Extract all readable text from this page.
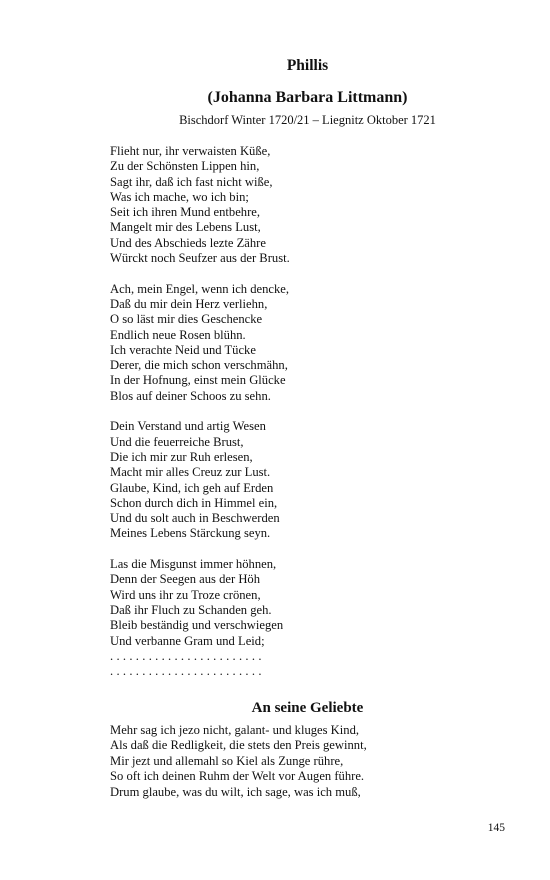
Phillis
(Johanna Barbara Littmann)

Bischdorf Winter 1720/21 – Liegnitz Oktober 1721

Flieht nur, ihr verwaisten Küße,
Zu der Schönsten Lippen hin,
Sagt ihr, daß ich fast nicht wiße,
Was ich mache, wo ich bin;
Seit ich ihren Mund entbehre,
Mangelt mir des Lebens Lust,
Und des Abschieds lezte Zähre
Würckt noch Seufzer aus der Brust.
Ach, mein Engel, wenn ich dencke,
Daß du mir dein Herz verliehn,
O so läst mir dies Geschencke
Endlich neue Rosen blühn.
Ich verachte Neid und Tücke
Derer, die mich schon verschmähn,
In der Hofnung, einst mein Glücke
Blos auf deiner Schoos zu sehn.
Dein Verstand und artig Wesen
Und die feuerreiche Brust,
Die ich mir zur Ruh erlesen,
Macht mir alles Creuz zur Lust.
Glaube, Kind, ich geh auf Erden
Schon durch dich in Himmel ein,
Und du solt auch in Beschwerden
Meines Lebens Stärckung seyn.
Las die Misgunst immer höhnen,
Denn der Seegen aus der Höh
Wird uns ihr zu Troze crönen,
Daß ihr Fluch zu Schanden geh.
Bleib beständig und verschwiegen
Und verbanne Gram und Leid;
........................
........................
An seine Geliebte
Mehr sag ich jezo nicht, galant- und kluges Kind,
Als daß die Redligkeit, die stets den Preis gewinnt,
Mir jezt und allemahl so Kiel als Zunge rühre,
So oft ich deinen Ruhm der Welt vor Augen führe.
Drum glaube, was du wilt, ich sage, was ich muß,
145
